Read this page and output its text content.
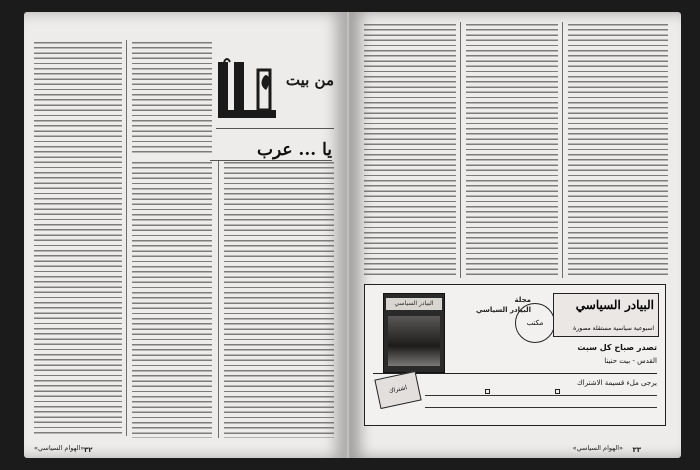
من بيت
يا ... عرب
«الهوام السياسي» ٣٢
البيادر السياسي	مجلة
البيادر السياسي
مكتب
البيادر السياسي
اسبوعية سياسية مستقلة مصورة
تصدر صباح كل سبت
القدس - بيت حنينا
يرجى ملء قسيمة الاشتراك
اشتراك
٣٣
«الهوام السياسي»
